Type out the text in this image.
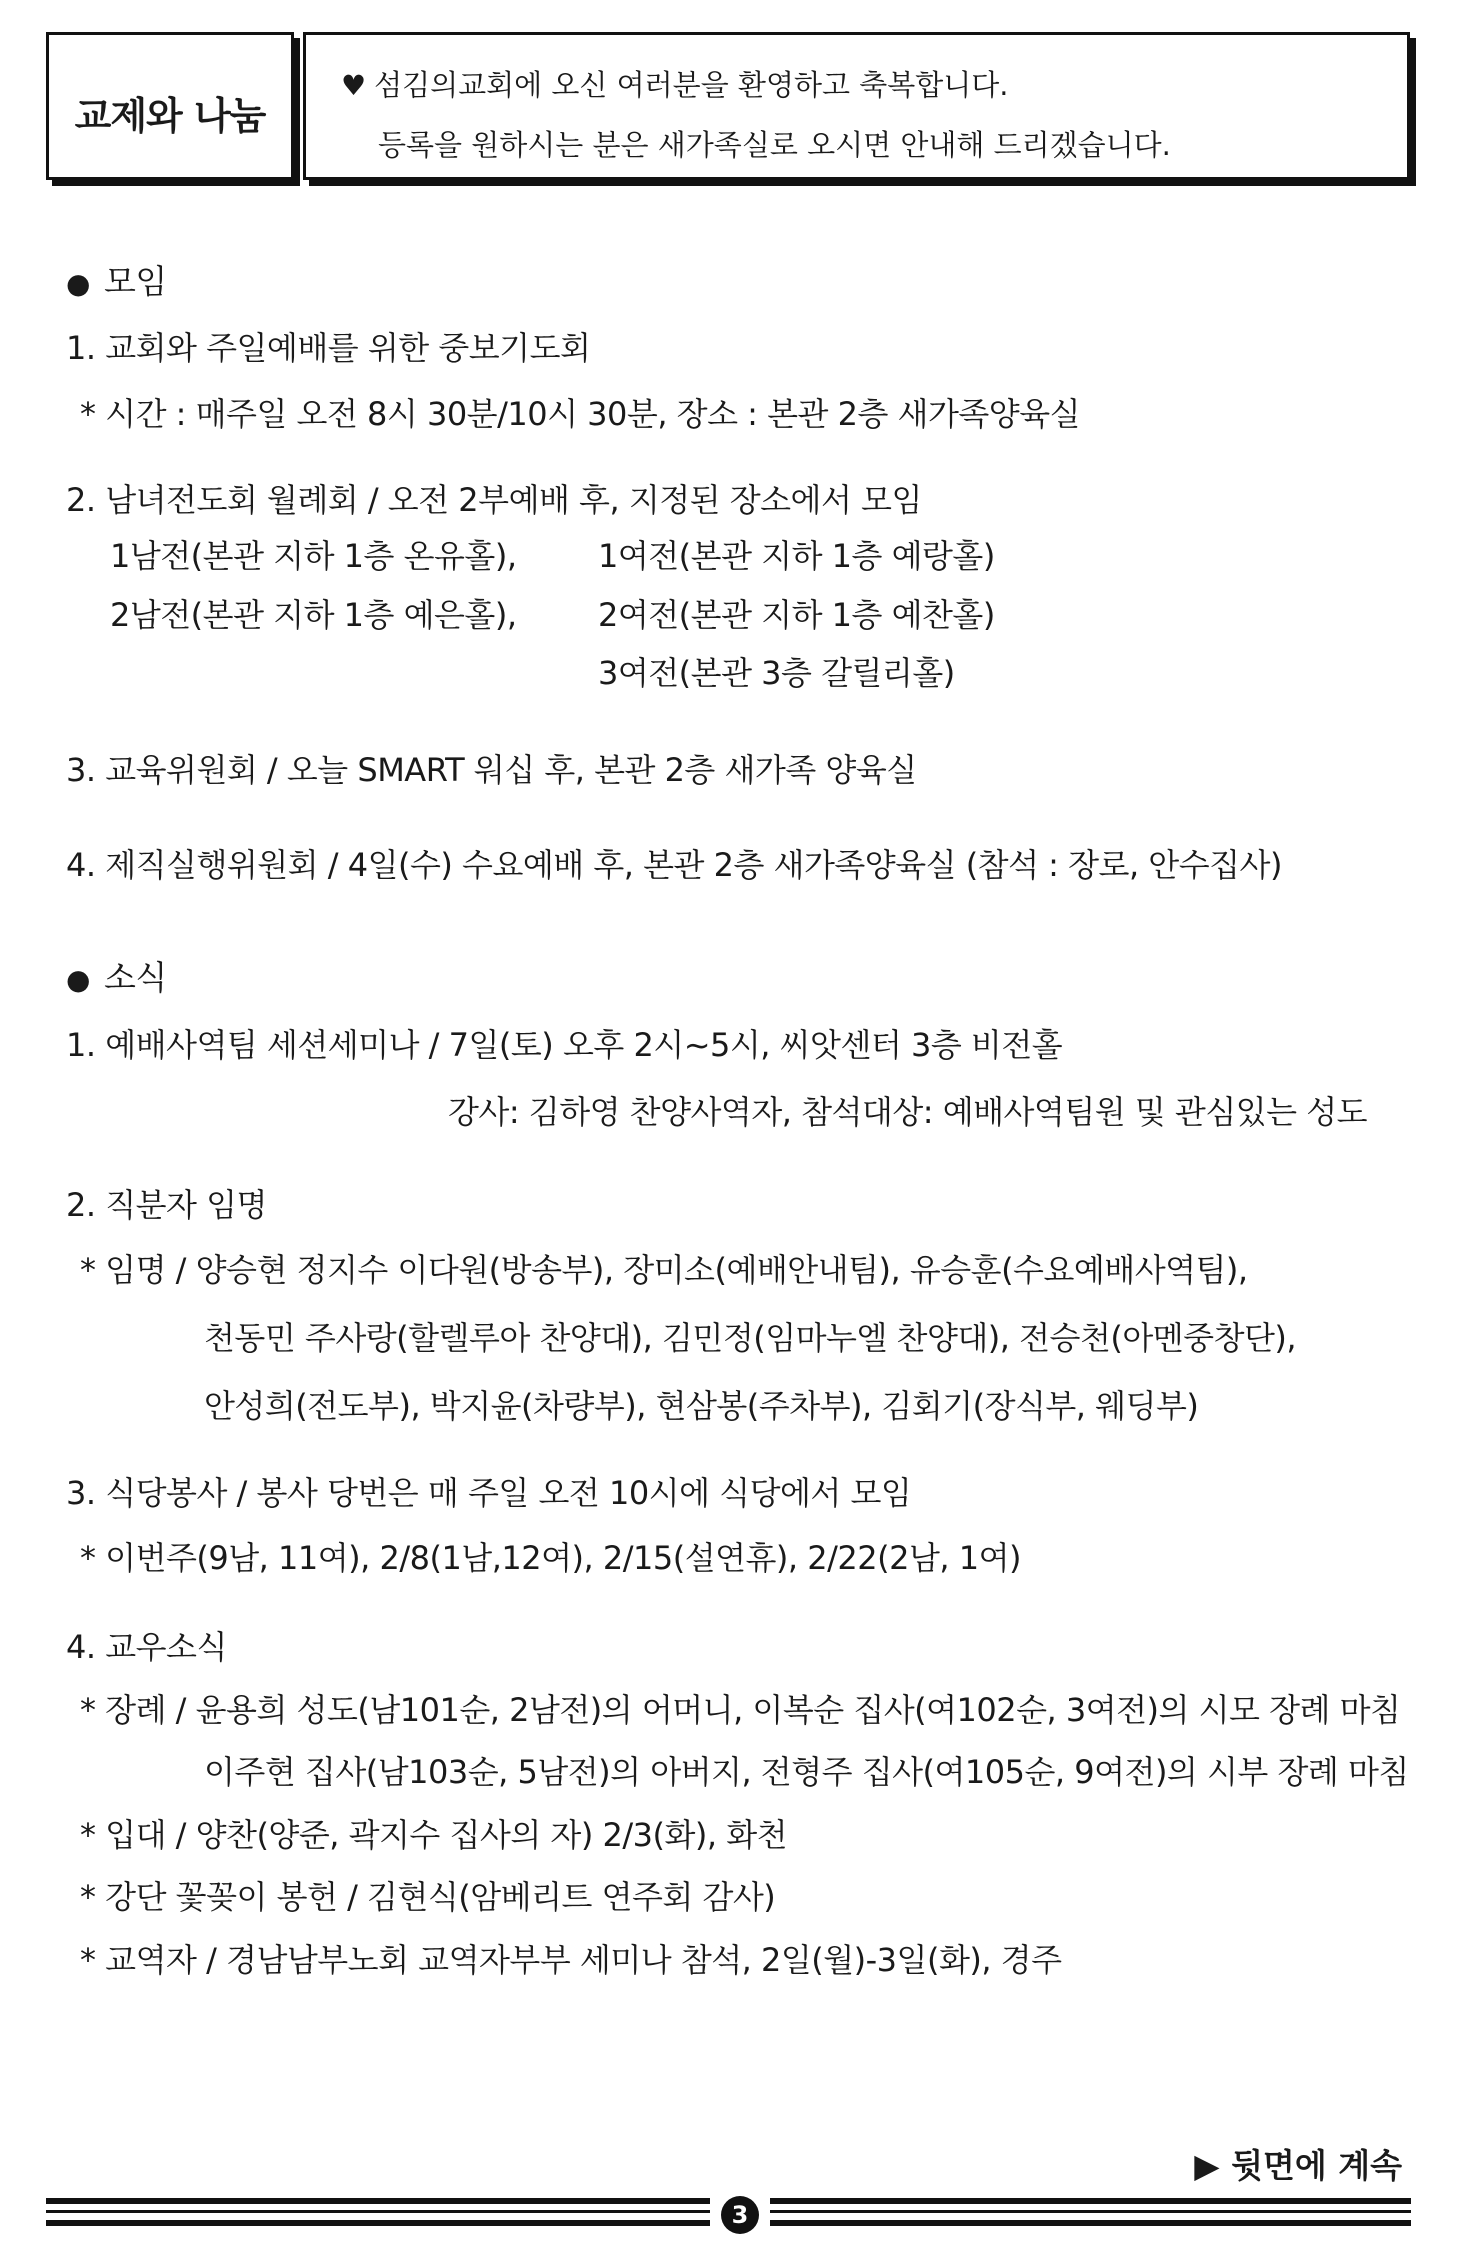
교제와 나눔
♥ 섬김의교회에 오신 여러분을 환영하고 축복합니다.
등록을 원하시는 분은 새가족실로 오시면 안내해 드리겠습니다.
● 모임
1. 교회와 주일예배를 위한 중보기도회
* 시간 : 매주일 오전 8시 30분/10시 30분, 장소 : 본관 2층 새가족양육실
2. 남녀전도회 월례회 / 오전 2부예배 후, 지정된 장소에서 모임
1남전(본관 지하 1층 온유홀),	1여전(본관 지하 1층 예랑홀)
2남전(본관 지하 1층 예은홀),	2여전(본관 지하 1층 예찬홀)
3여전(본관 3층 갈릴리홀)
3. 교육위원회 / 오늘 SMART 워십 후, 본관 2층 새가족 양육실
4. 제직실행위원회 / 4일(수) 수요예배 후, 본관 2층 새가족양육실 (참석 : 장로, 안수집사)
● 소식
1. 예배사역팀 세션세미나 / 7일(토) 오후 2시~5시, 씨앗센터 3층 비전홀
강사: 김하영 찬양사역자, 참석대상: 예배사역팀원 및 관심있는 성도
2. 직분자 임명
* 임명 / 양승현 정지수 이다원(방송부), 장미소(예배안내팀), 유승훈(수요예배사역팀),
천동민 주사랑(할렐루아 찬양대), 김민정(임마누엘 찬양대), 전승천(아멘중창단),
안성희(전도부), 박지윤(차량부), 현삼봉(주차부), 김회기(장식부, 웨딩부)
3. 식당봉사 / 봉사 당번은 매 주일 오전 10시에 식당에서 모임
* 이번주(9남, 11여), 2/8(1남,12여), 2/15(설연휴), 2/22(2남, 1여)
4. 교우소식
* 장례 / 윤용희 성도(남101순, 2남전)의 어머니, 이복순 집사(여102순, 3여전)의 시모 장례 마침
이주현 집사(남103순, 5남전)의 아버지, 전형주 집사(여105순, 9여전)의 시부 장례 마침
* 입대 / 양찬(양준, 곽지수 집사의 자) 2/3(화), 화천
* 강단 꽃꽂이 봉헌 / 김현식(암베리트 연주회 감사)
* 교역자 / 경남남부노회 교역자부부 세미나 참석, 2일(월)-3일(화), 경주
▶ 뒷면에 계속
3
